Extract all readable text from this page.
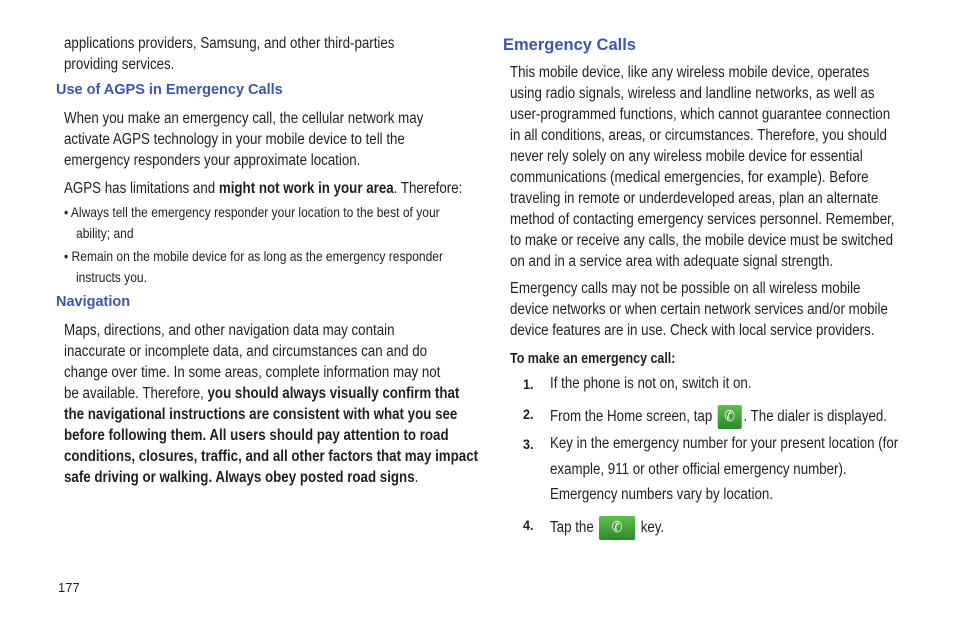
applications providers, Samsung, and other third-parties
providing services.
Use of AGPS in Emergency Calls
When you make an emergency call, the cellular network may
activate AGPS technology in your mobile device to tell the
emergency responders your approximate location.
AGPS has limitations and might not work in your area. Therefore:
• Always tell the emergency responder your location to the best of your
ability; and
• Remain on the mobile device for as long as the emergency responder
instructs you.
Navigation
Maps, directions, and other navigation data may contain
inaccurate or incomplete data, and circumstances can and do
change over time. In some areas, complete information may not
be available. Therefore, you should always visually confirm that
the navigational instructions are consistent with what you see
before following them. All users should pay attention to road
conditions, closures, traffic, and all other factors that may impact
safe driving or walking. Always obey posted road signs.
Emergency Calls
This mobile device, like any wireless mobile device, operates
using radio signals, wireless and landline networks, as well as
user-programmed functions, which cannot guarantee connection
in all conditions, areas, or circumstances. Therefore, you should
never rely solely on any wireless mobile device for essential
communications (medical emergencies, for example). Before
traveling in remote or underdeveloped areas, plan an alternate
method of contacting emergency services personnel. Remember,
to make or receive any calls, the mobile device must be switched
on and in a service area with adequate signal strength.
Emergency calls may not be possible on all wireless mobile
device networks or when certain network services and/or mobile
device features are in use. Check with local service providers.
To make an emergency call:
1. If the phone is not on, switch it on.
2. From the Home screen, tap ✆ . The dialer is displayed.
3. Key in the emergency number for your present location (for
example, 911 or other official emergency number).
Emergency numbers vary by location.
4. Tap the ✆ key.
177
